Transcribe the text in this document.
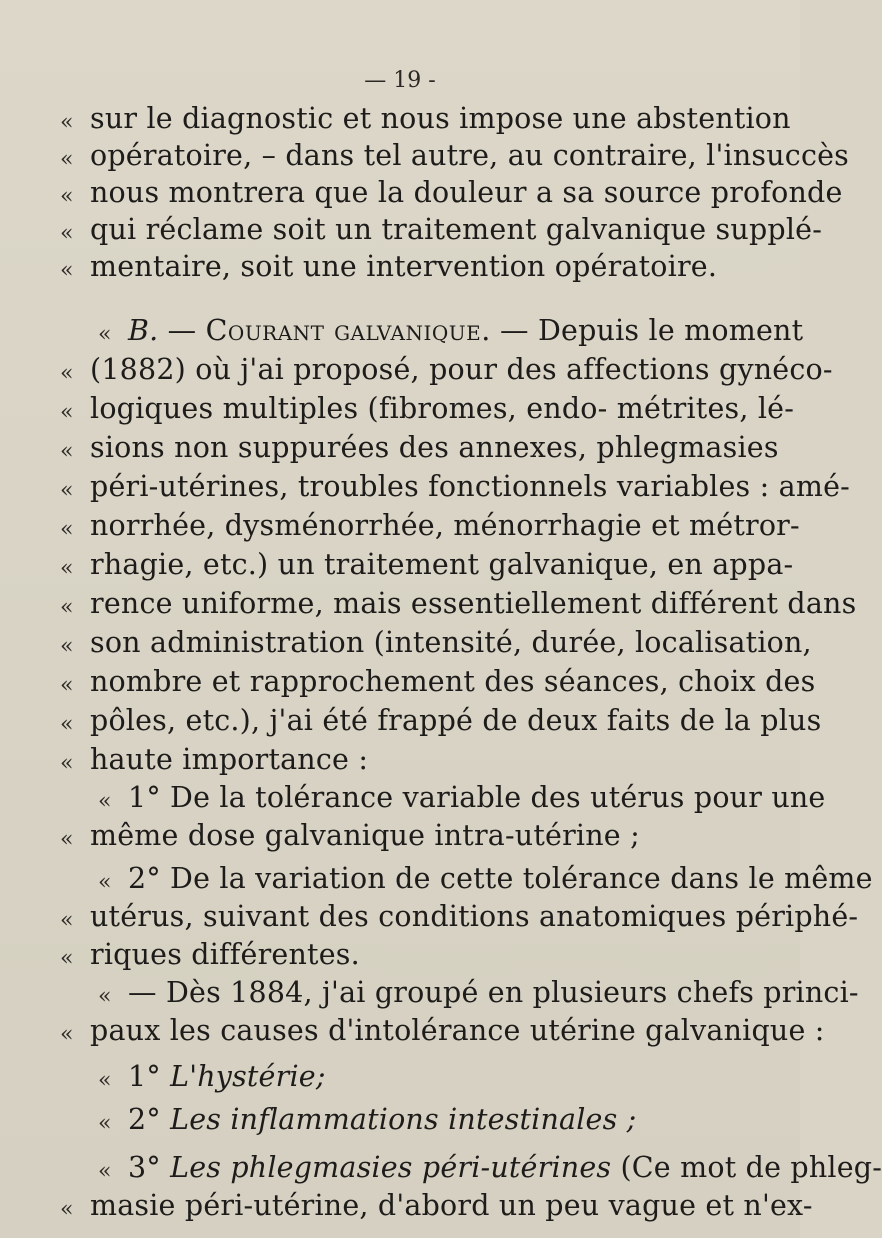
— 19 -
« sur le diagnostic et nous impose une abstention
« opératoire, – dans tel autre, au contraire, l'insuccès
« nous montrera que la douleur a sa source profonde
« qui réclame soit un traitement galvanique supplé-
« mentaire, soit une intervention opératoire.
« B. — Courant galvanique. — Depuis le moment
« (1882) où j'ai proposé, pour des affections gynéco-
« logiques multiples (fibromes, endo- métrites, lé-
« sions non suppurées des annexes, phlegmasies
« péri-utérines, troubles fonctionnels variables : amé-
« norrhée, dysménorrhée, ménorrhagie et métror-
« rhagie, etc.) un traitement galvanique, en appa-
« rence uniforme, mais essentiellement différent dans
« son administration (intensité, durée, localisation,
« nombre et rapprochement des séances, choix des
« pôles, etc.), j'ai été frappé de deux faits de la plus
« haute importance :
« 1° De la tolérance variable des utérus pour une
« même dose galvanique intra-utérine ;
« 2° De la variation de cette tolérance dans le même
« utérus, suivant des conditions anatomiques périphé-
« riques différentes.
« — Dès 1884, j'ai groupé en plusieurs chefs princi-
« paux les causes d'intolérance utérine galvanique :
« 1° L'hystérie;
« 2° Les inflammations intestinales ;
« 3° Les phlegmasies péri-utérines (Ce mot de phleg-
« masie péri-utérine, d'abord un peu vague et n'ex-
